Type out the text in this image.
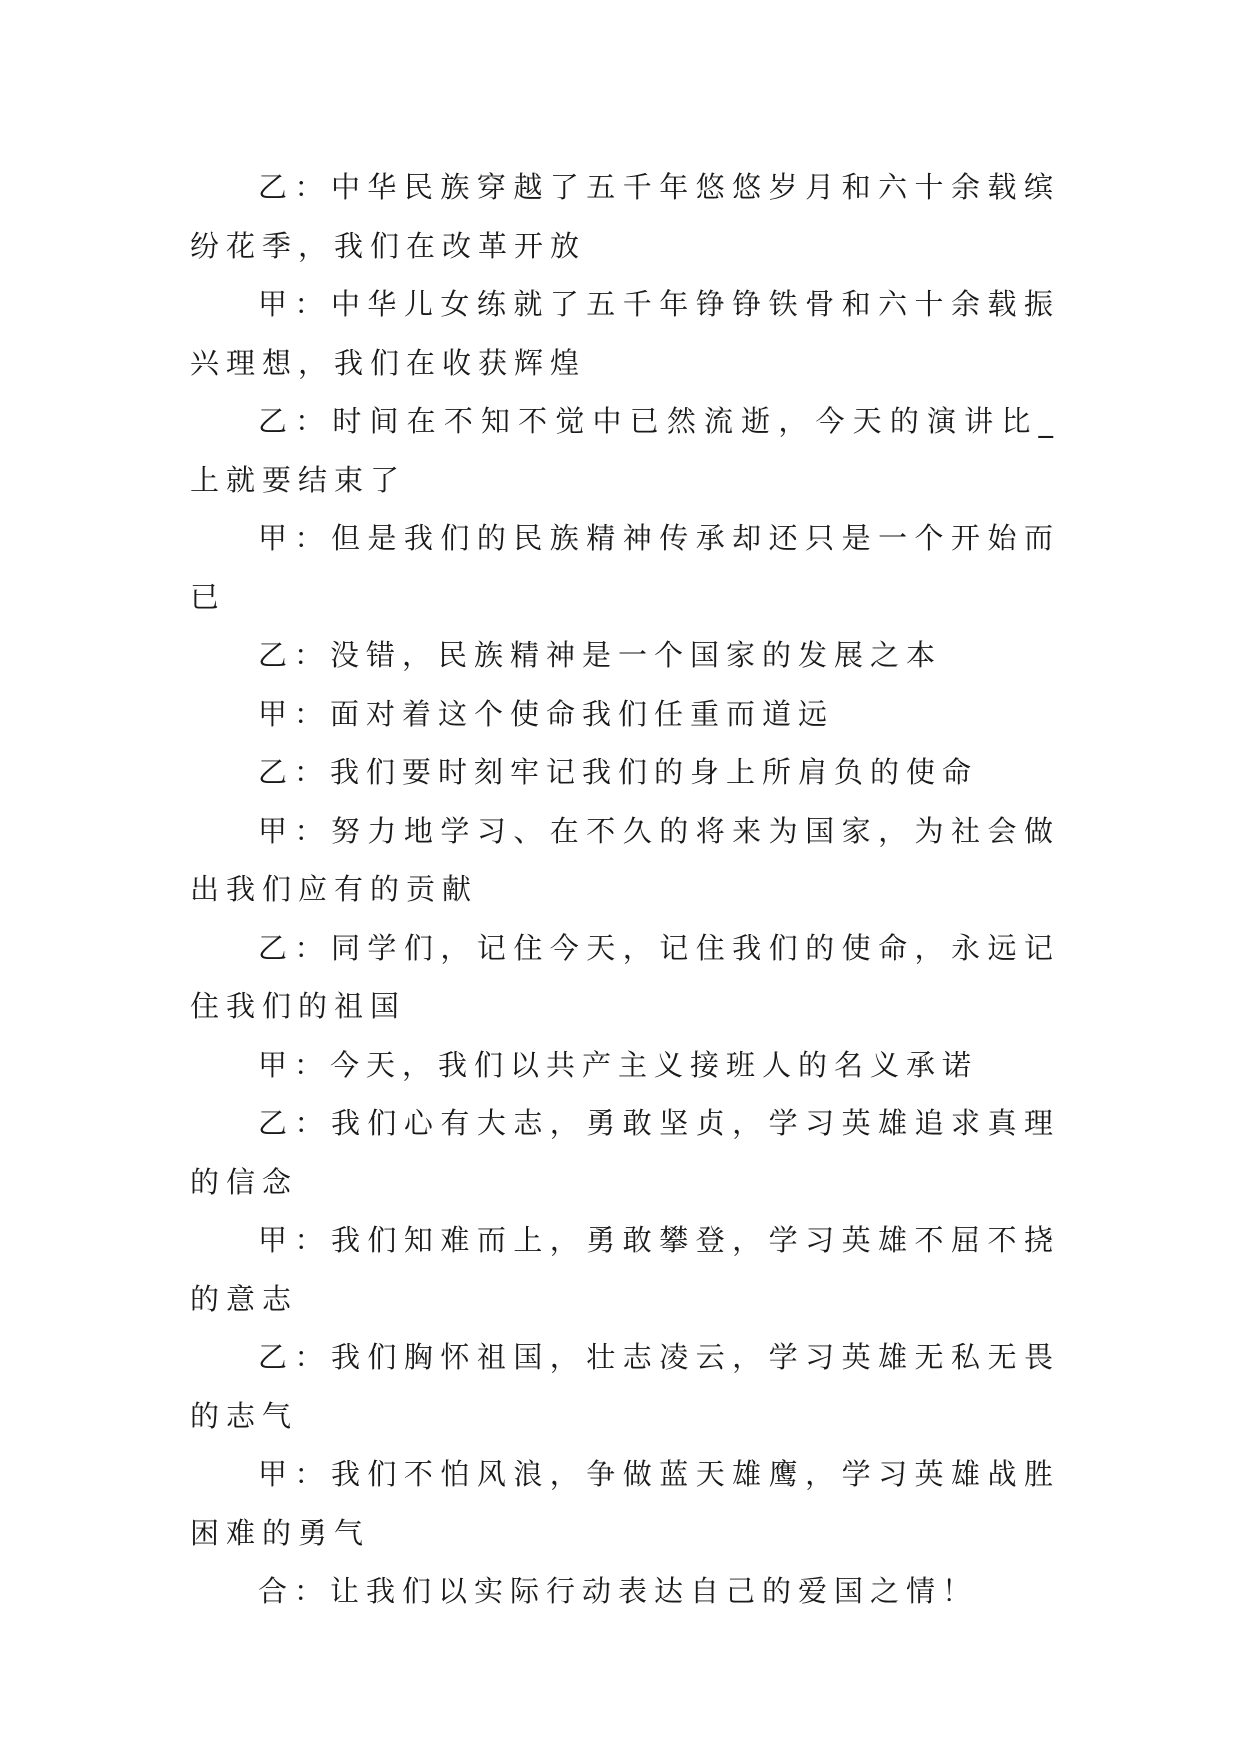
乙：中华民族穿越了五千年悠悠岁月和六十余载缤纷花季，我们在改革开放

甲：中华儿女练就了五千年铮铮铁骨和六十余载振兴理想，我们在收获辉煌

乙：时间在不知不觉中已然流逝，今天的演讲比_上就要结束了

甲：但是我们的民族精神传承却还只是一个开始而已

乙：没错，民族精神是一个国家的发展之本

甲：面对着这个使命我们任重而道远

乙：我们要时刻牢记我们的身上所肩负的使命

甲：努力地学习、在不久的将来为国家，为社会做出我们应有的贡献

乙：同学们，记住今天，记住我们的使命，永远记住我们的祖国

甲：今天，我们以共产主义接班人的名义承诺

乙：我们心有大志，勇敢坚贞，学习英雄追求真理的信念

甲：我们知难而上，勇敢攀登，学习英雄不屈不挠的意志

乙：我们胸怀祖国，壮志凌云，学习英雄无私无畏的志气

甲：我们不怕风浪，争做蓝天雄鹰，学习英雄战胜困难的勇气

合：让我们以实际行动表达自己的爱国之情！
